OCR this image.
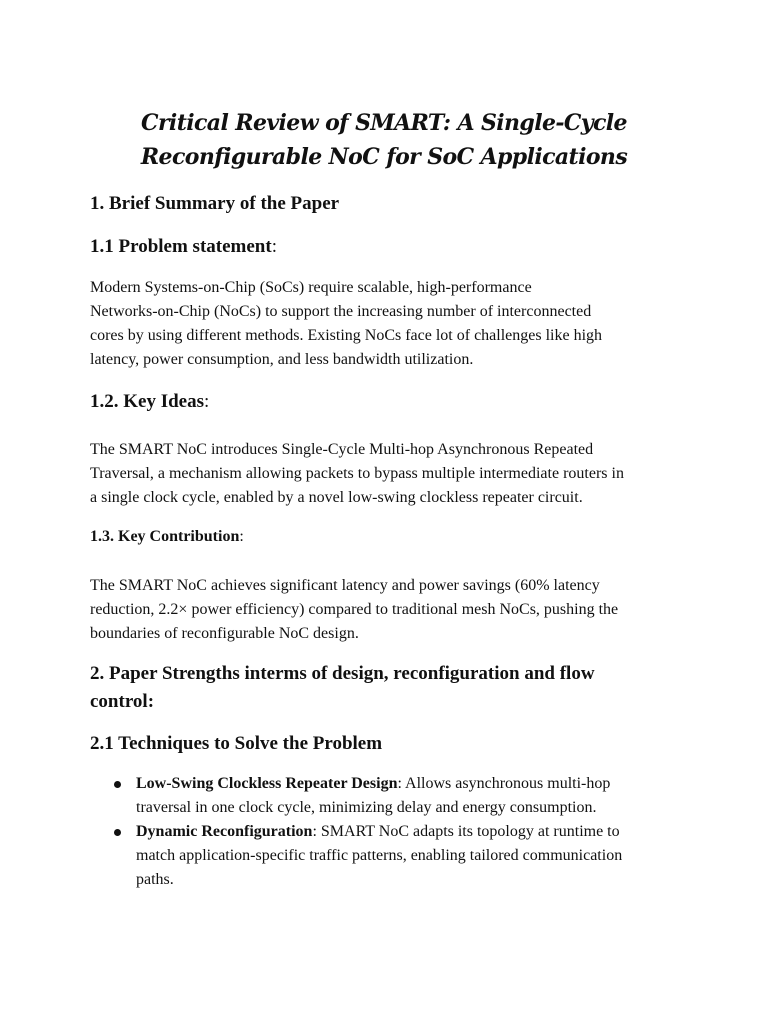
Critical Review of SMART: A Single-Cycle
Reconfigurable NoC for SoC Applications
1. Brief Summary of the Paper
1.1 Problem statement:

Modern Systems-on-Chip (SoCs) require scalable, high-performance
Networks-on-Chip (NoCs) to support the increasing number of interconnected
cores by using different methods. Existing NoCs face lot of challenges like high
latency, power consumption, and less bandwidth utilization.

1.2. Key Ideas:

The SMART NoC introduces Single-Cycle Multi-hop Asynchronous Repeated
Traversal, a mechanism allowing packets to bypass multiple intermediate routers in
a single clock cycle, enabled by a novel low-swing clockless repeater circuit.

1.3. Key Contribution:

The SMART NoC achieves significant latency and power savings (60% latency
reduction, 2.2× power efficiency) compared to traditional mesh NoCs, pushing the
boundaries of reconfigurable NoC design.

2. Paper Strengths interms of design, reconfiguration and flow
control:
2.1 Techniques to Solve the Problem
Low-Swing Clockless Repeater Design: Allows asynchronous multi-hop
traversal in one clock cycle, minimizing delay and energy consumption.
Dynamic Reconfiguration: SMART NoC adapts its topology at runtime to
match application-specific traffic patterns, enabling tailored communication
paths.
